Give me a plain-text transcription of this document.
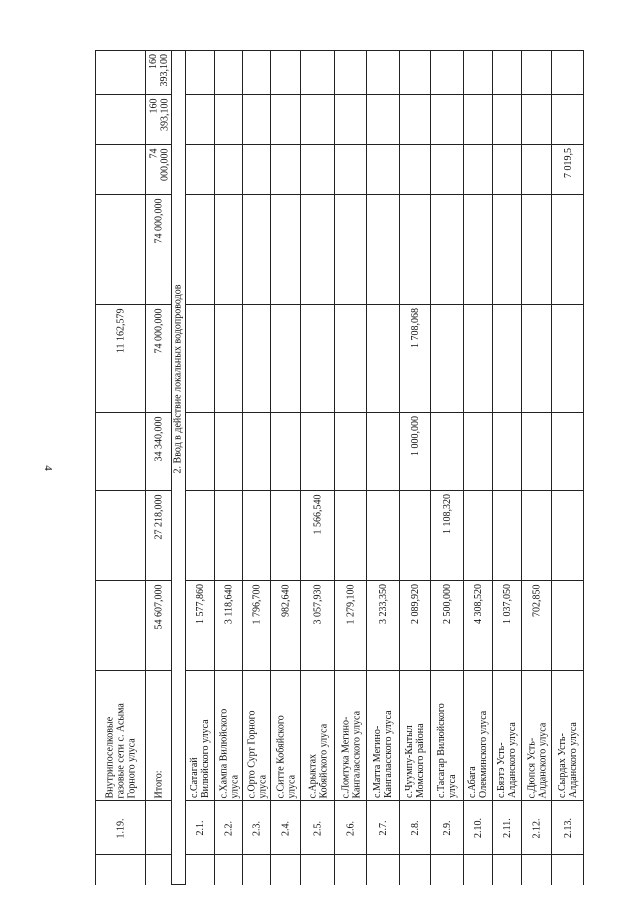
4
11 162,579
Внутрипоселковые
газовые сети с. Асыма
Горного улуса
1.19.
160 393,100
160 393,100
74 000,000
74 000,000
74 000,000
34 340,000
27 218,000
54 607,000
Итого:
2. Ввод в действие локальных водопроводов
1 577,860
с.Сатагай
Вилюйского улуса
2.1.
3 118,640
с.Хампа Вилюйского
улуса
2.2.
1 796,700
с.Орто Сурт Горного
улуса
2.3.
982,640
с.Ситте Кобяйского
улуса
2.4.
1 566,540
3 057,930
с.Арыктах
Кобяйского улуса
2.5.
1 279,100
с.Ломтука Мегино-
Кангаласского улуса
2.6.
3 233,350
с.Матта Мегино-
Кангаласского улуса
2.7.
1 708,068
1 000,000
2 089,920
с.Чуумпу-Кытыл
Момского района
2.8.
1 108,320
2 500,000
с.Тасагар Вилюйского
улуса
2.9.
4 308,520
с.Абага
Олекминского улуса
2.10.
1 037,050
с.Бяэтэ Усть-
Алданского улуса
2.11.
702,850
с.Дюпся Усть-
Алданского улуса
2.12.
7 019,5
с.Сырдах Усть-
Алданского улуса
2.13.
